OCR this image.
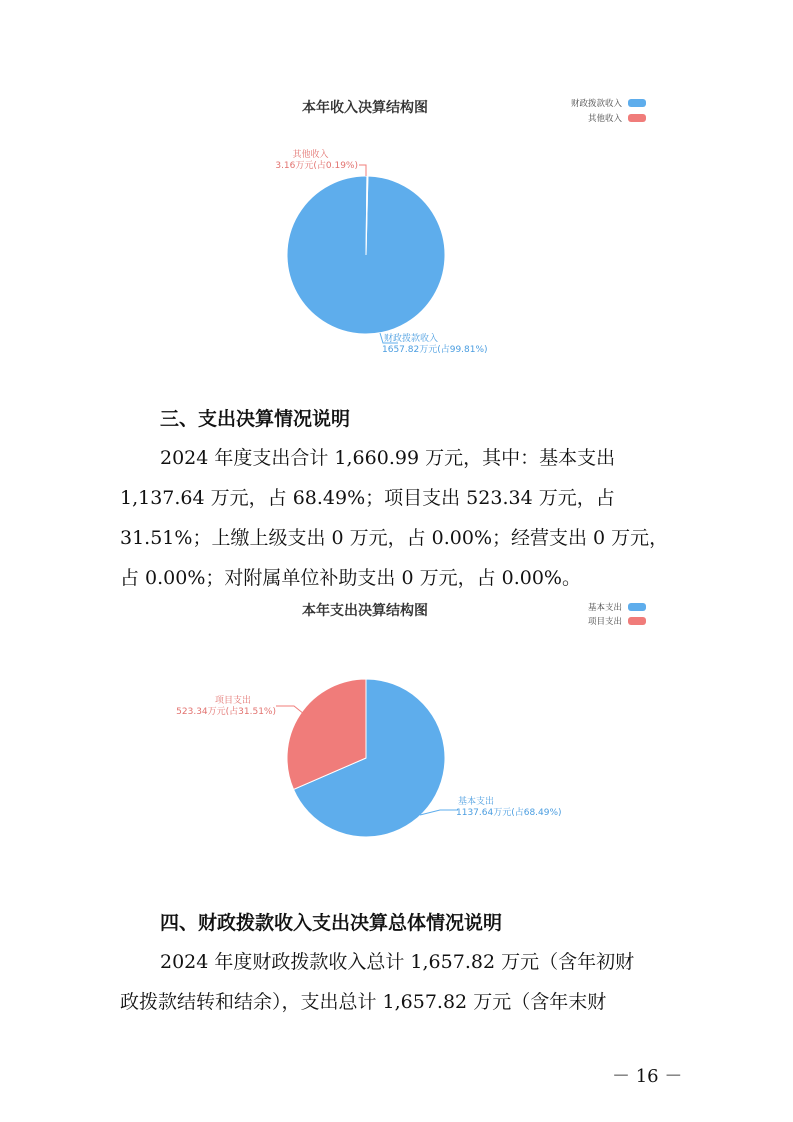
本年收入决算结构图	财政拨款收入
其他收入
其他收入
3.16万元(占0.19%)
财政拨款收入
1657.82万元(占99.81%)
三、支出决算情况说明
2024 年度支出合计 1,660.99 万元，其中：基本支出
1,137.64 万元，占 68.49%；项目支出 523.34 万元，占
31.51%；上缴上级支出 0 万元，占 0.00%；经营支出 0 万元，
占 0.00%；对附属单位补助支出 0 万元，占 0.00%。
本年支出决算结构图	基本支出
项目支出
项目支出
523.34万元(占31.51%)
基本支出
1137.64万元(占68.49%)
四、财政拨款收入支出决算总体情况说明
2024 年度财政拨款收入总计 1,657.82 万元（含年初财
政拨款结转和结余），支出总计 1,657.82 万元（含年末财
－ 16 －
